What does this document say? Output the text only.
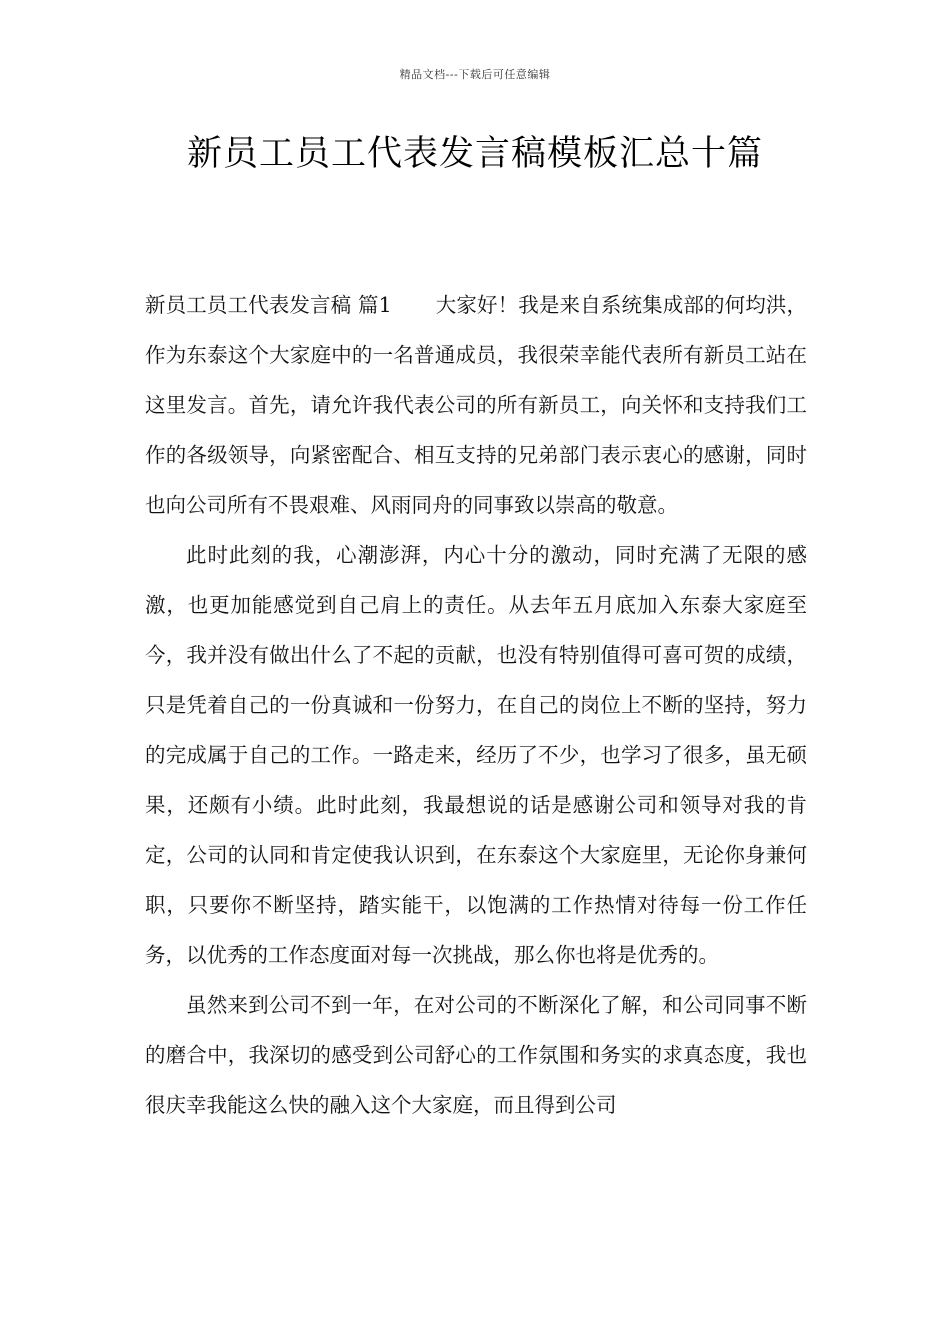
精品文档---下载后可任意编辑
新员工员工代表发言稿模板汇总十篇

新员工员工代表发言稿 篇1 大家好！我是来自系统集成部的何均洪，作为东泰这个大家庭中的一名普通成员，我很荣幸能代表所有新员工站在这里发言。首先，请允许我代表公司的所有新员工，向关怀和支持我们工作的各级领导，向紧密配合、相互支持的兄弟部门表示衷心的感谢，同时也向公司所有不畏艰难、风雨同舟的同事致以崇高的敬意。

此时此刻的我，心潮澎湃，内心十分的激动，同时充满了无限的感激，也更加能感觉到自己肩上的责任。从去年五月底加入东泰大家庭至今，我并没有做出什么了不起的贡献，也没有特别值得可喜可贺的成绩，只是凭着自己的一份真诚和一份努力，在自己的岗位上不断的坚持，努力的完成属于自己的工作。一路走来，经历了不少，也学习了很多，虽无硕果，还颇有小绩。此时此刻，我最想说的话是感谢公司和领导对我的肯定，公司的认同和肯定使我认识到，在东泰这个大家庭里，无论你身兼何职，只要你不断坚持，踏实能干，以饱满的工作热情对待每一份工作任务，以优秀的工作态度面对每一次挑战，那么你也将是优秀的。

虽然来到公司不到一年，在对公司的不断深化了解，和公司同事不断的磨合中，我深切的感受到公司舒心的工作氛围和务实的求真态度，我也很庆幸我能这么快的融入这个大家庭，而且得到公司
